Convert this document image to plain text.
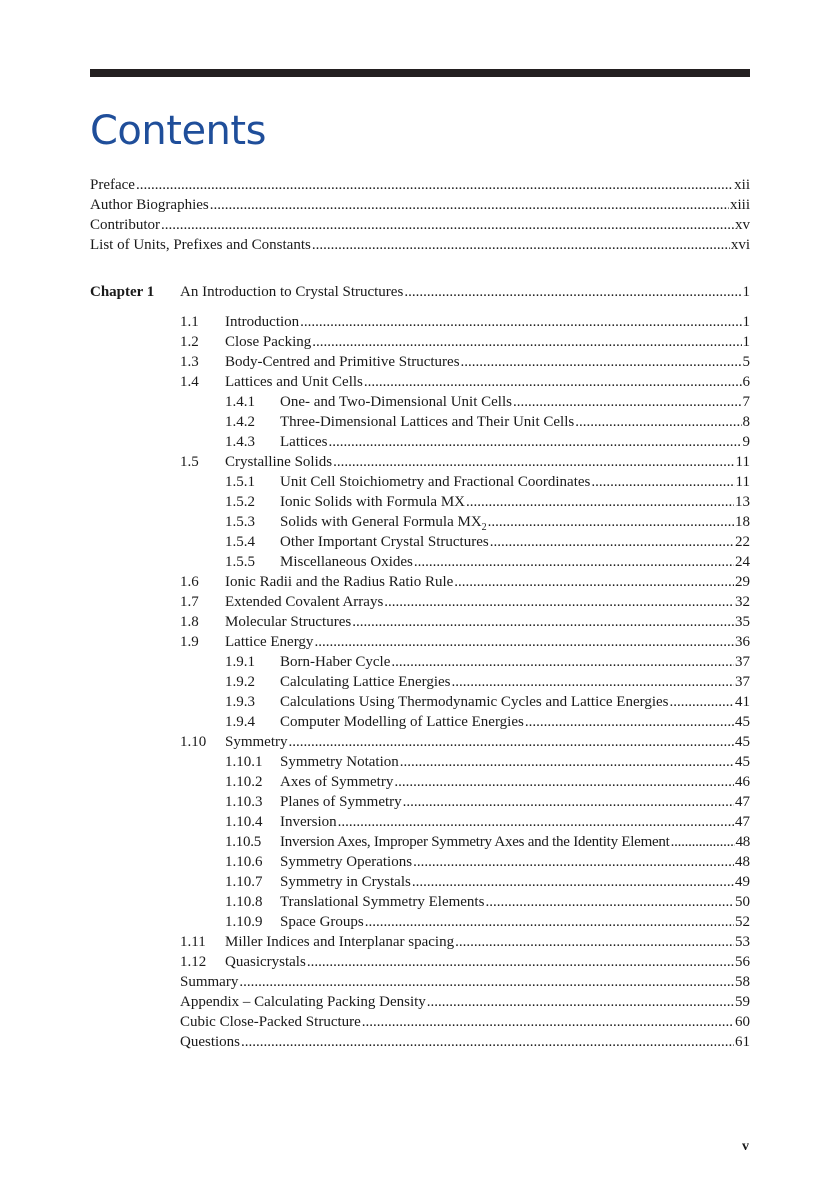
Contents
Preface .....	xii
Author Biographies .....	xiii
Contributor .....	xv
List of Units, Prefixes and Constants .....	xvi
Chapter 1 An Introduction to Crystal Structures .....	1
1.1	Introduction .....	1
1.2	Close Packing .....	1
1.3	Body-Centred and Primitive Structures .....	5
1.4	Lattices and Unit Cells .....	6
1.4.1	One- and Two-Dimensional Unit Cells .....	7
1.4.2	Three-Dimensional Lattices and Their Unit Cells .....	8
1.4.3	Lattices .....	9
1.5	Crystalline Solids .....	11
1.5.1	Unit Cell Stoichiometry and Fractional Coordinates .....	11
1.5.2	Ionic Solids with Formula MX .....	13
1.5.3	Solids with General Formula $MX_2$ .....	18
1.5.4	Other Important Crystal Structures .....	22
1.5.5	Miscellaneous Oxides .....	24
1.6	Ionic Radii and the Radius Ratio Rule .....	29
1.7	Extended Covalent Arrays .....	32
1.8	Molecular Structures .....	35
1.9	Lattice Energy .....	36
1.9.1	Born-Haber Cycle .....	37
1.9.2	Calculating Lattice Energies .....	37
1.9.3	Calculations Using Thermodynamic Cycles and Lattice Energies .....	41
1.9.4	Computer Modelling of Lattice Energies .....	45
1.10	Symmetry .....	45
1.10.1	Symmetry Notation .....	45
1.10.2	Axes of Symmetry .....	46
1.10.3	Planes of Symmetry .....	47
1.10.4	Inversion .....	47
1.10.5	Inversion Axes, Improper Symmetry Axes and the Identity Element .....	48
1.10.6	Symmetry Operations .....	48
1.10.7	Symmetry in Crystals .....	49
1.10.8	Translational Symmetry Elements .....	50
1.10.9	Space Groups .....	52
1.11	Miller Indices and Interplanar spacing .....	53
1.12	Quasicrystals .....	56
Summary .....	58
Appendix – Calculating Packing Density .....	59
Cubic Close-Packed Structure .....	60
Questions .....	61
v
